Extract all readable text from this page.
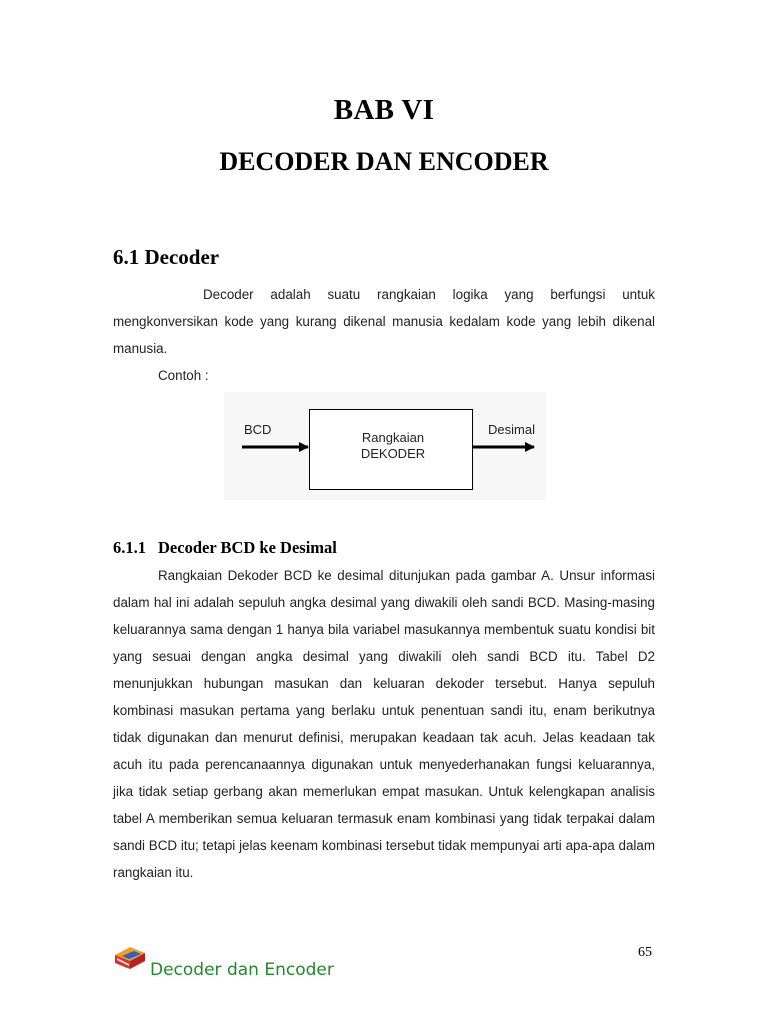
BAB VI
DECODER DAN ENCODER
6.1 Decoder
Decoder adalah suatu rangkaian logika yang berfungsi untuk mengkonversikan kode yang kurang dikenal manusia kedalam kode yang lebih dikenal manusia.
Contoh :
BCD
Rangkaian
DEKODER
Desimal
6.1.1 Decoder BCD ke Desimal
Rangkaian Dekoder BCD ke desimal ditunjukan pada gambar A. Unsur informasi dalam hal ini adalah sepuluh angka desimal yang diwakili oleh sandi BCD. Masing-masing keluarannya sama dengan 1 hanya bila variabel masukannya membentuk suatu kondisi bit yang sesuai dengan angka desimal yang diwakili oleh sandi BCD itu. Tabel D2 menunjukkan hubungan masukan dan keluaran dekoder tersebut. Hanya sepuluh kombinasi masukan pertama yang berlaku untuk penentuan sandi itu, enam berikutnya tidak digunakan dan menurut definisi, merupakan keadaan tak acuh. Jelas keadaan tak acuh itu pada perencanaannya digunakan untuk menyederhanakan fungsi keluarannya, jika tidak setiap gerbang akan memerlukan empat masukan. Untuk kelengkapan analisis tabel A memberikan semua keluaran termasuk enam kombinasi yang tidak terpakai dalam sandi BCD itu; tetapi jelas keenam kombinasi tersebut tidak mempunyai arti apa-apa dalam rangkaian itu.
65
Decoder dan Encoder
